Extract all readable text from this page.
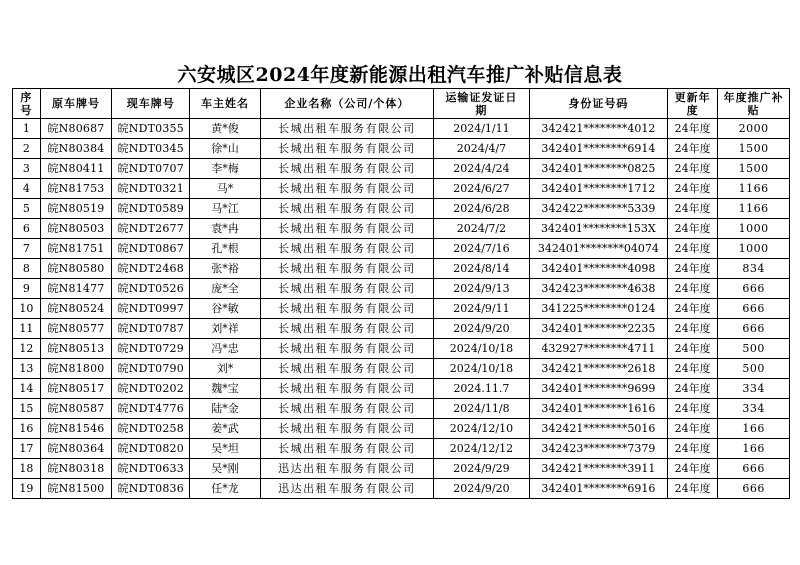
六安城区2024年度新能源出租汽车推广补贴信息表
序号	原车牌号	现车牌号	车主姓名	企业名称（公司/个体）	运输证发证日期	身份证号码	更新年度	年度推广补贴
1	皖N80687	皖NDT0355	黄*俊	长城出租车服务有限公司	2024/1/11	342421********4012	24年度	2000
2	皖N80384	皖NDT0345	徐*山	长城出租车服务有限公司	2024/4/7	342401********6914	24年度	1500
3	皖N80411	皖NDT0707	李*梅	长城出租车服务有限公司	2024/4/24	342401********0825	24年度	1500
4	皖N81753	皖NDT0321	马*	长城出租车服务有限公司	2024/6/27	342401********1712	24年度	1166
5	皖N80519	皖NDT0589	马*江	长城出租车服务有限公司	2024/6/28	342422********5339	24年度	1166
6	皖N80503	皖NDT2677	袁*冉	长城出租车服务有限公司	2024/7/2	342401********153X	24年度	1000
7	皖N81751	皖NDT0867	孔*根	长城出租车服务有限公司	2024/7/16	342401********04074	24年度	1000
8	皖N80580	皖NDT2468	张*裕	长城出租车服务有限公司	2024/8/14	342401********4098	24年度	834
9	皖N81477	皖NDT0526	庞*全	长城出租车服务有限公司	2024/9/13	342423********4638	24年度	666
10	皖N80524	皖NDT0997	谷*敏	长城出租车服务有限公司	2024/9/11	341225********0124	24年度	666
11	皖N80577	皖NDT0787	刘*祥	长城出租车服务有限公司	2024/9/20	342401********2235	24年度	666
12	皖N80513	皖NDT0729	冯*忠	长城出租车服务有限公司	2024/10/18	432927********4711	24年度	500
13	皖N81800	皖NDT0790	刘*	长城出租车服务有限公司	2024/10/18	342421********2618	24年度	500
14	皖N80517	皖NDT0202	魏*宝	长城出租车服务有限公司	2024.11.7	342401********9699	24年度	334
15	皖N80587	皖NDT4776	陆*金	长城出租车服务有限公司	2024/11/8	342401********1616	24年度	334
16	皖N81546	皖NDT0258	姜*武	长城出租车服务有限公司	2024/12/10	342421********5016	24年度	166
17	皖N80364	皖NDT0820	吴*坦	长城出租车服务有限公司	2024/12/12	342423********7379	24年度	166
18	皖N80318	皖NDT0633	吴*刚	迅达出租车服务有限公司	2024/9/29	342421********3911	24年度	666
19	皖N81500	皖NDT0836	任*龙	迅达出租车服务有限公司	2024/9/20	342401********6916	24年度	666
